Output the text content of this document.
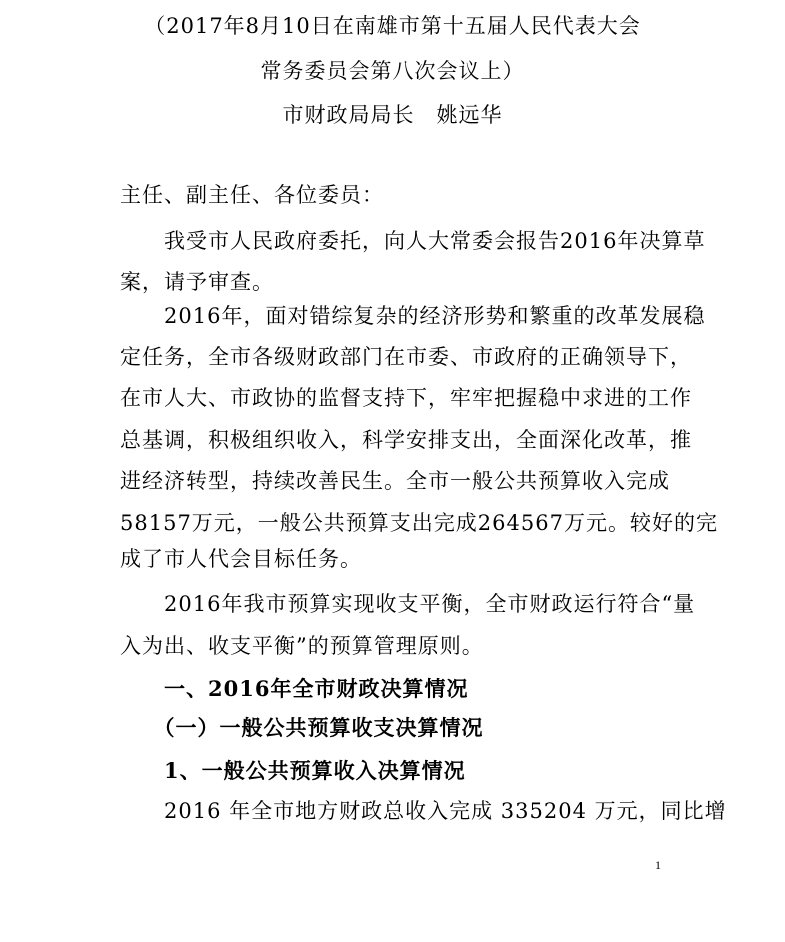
（2017年8月10日在南雄市第十五届人民代表大会
常务委员会第八次会议上）
市财政局局长　姚远华
主任、副主任、各位委员：
　　我受市人民政府委托，向人大常委会报告2016年决算草
案，请予审查。
　　2016年，面对错综复杂的经济形势和繁重的改革发展稳
定任务，全市各级财政部门在市委、市政府的正确领导下，
在市人大、市政协的监督支持下，牢牢把握稳中求进的工作
总基调，积极组织收入，科学安排支出，全面深化改革，推
进经济转型，持续改善民生。全市一般公共预算收入完成
58157万元，一般公共预算支出完成264567万元。较好的完
成了市人代会目标任务。
　　2016年我市预算实现收支平衡，全市财政运行符合“量
入为出、收支平衡”的预算管理原则。
　　一、2016年全市财政决算情况
　　（一）一般公共预算收支决算情况
　　1、一般公共预算收入决算情况
　　2016 年全市地方财政总收入完成 335204 万元，同比增
1
